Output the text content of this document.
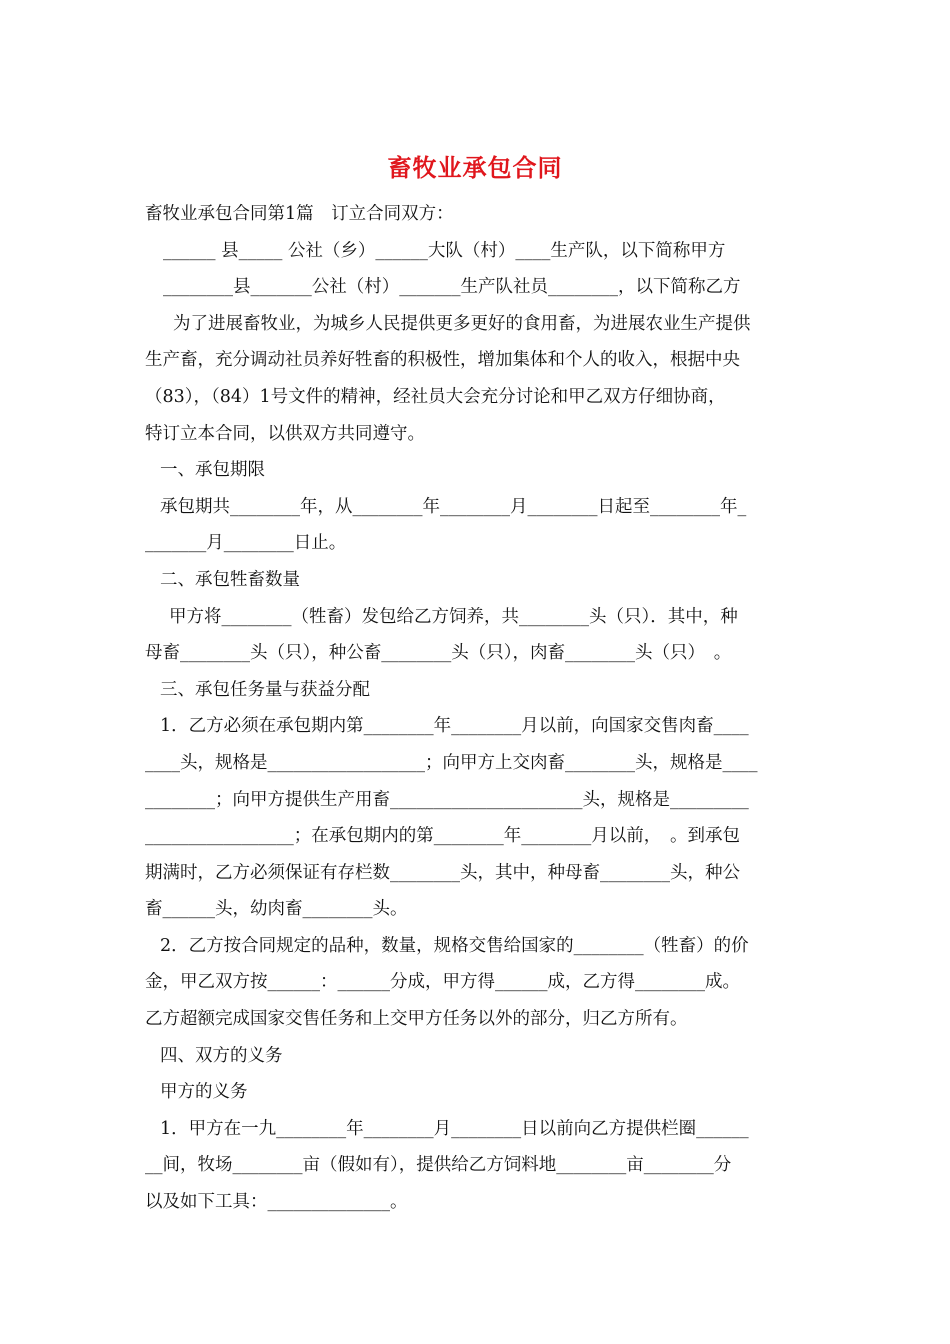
畜牧业承包合同
畜牧业承包合同第1篇　订立合同双方：
______ 县_____ 公社（乡）______大队（村）____生产队，以下简称甲方
________县_______公社（村）_______生产队社员________，以下简称乙方
为了进展畜牧业，为城乡人民提供更多更好的食用畜，为进展农业生产提供
生产畜，充分调动社员养好牲畜的积极性，增加集体和个人的收入，根据中央
（83），（84）1号文件的精神，经社员大会充分讨论和甲乙双方仔细协商，
特订立本合同，以供双方共同遵守。
一、承包期限
承包期共________年，从________年________月________日起至________年_
_______月________日止。
二、承包牲畜数量
甲方将________（牲畜）发包给乙方饲养，共________头（只）．其中，种
母畜________头（只），种公畜________头（只），肉畜________头（只）　。
三、承包任务量与获益分配
1．乙方必须在承包期内第________年________月以前，向国家交售肉畜____
____头，规格是__________________；向甲方上交肉畜________头，规格是____
________；向甲方提供生产用畜______________________头，规格是_________
_________________；在承包期内的第________年________月以前，　。到承包
期满时，乙方必须保证有存栏数________头，其中，种母畜________头，种公
畜______头，幼肉畜________头。
2．乙方按合同规定的品种，数量，规格交售给国家的________（牲畜）的价
金，甲乙双方按______：______分成，甲方得______成，乙方得________成。
乙方超额完成国家交售任务和上交甲方任务以外的部分，归乙方所有。
四、双方的义务
甲方的义务
1．甲方在一九________年________月________日以前向乙方提供栏圈______
__间，牧场________亩（假如有），提供给乙方饲料地________亩________分
以及如下工具：______________。
